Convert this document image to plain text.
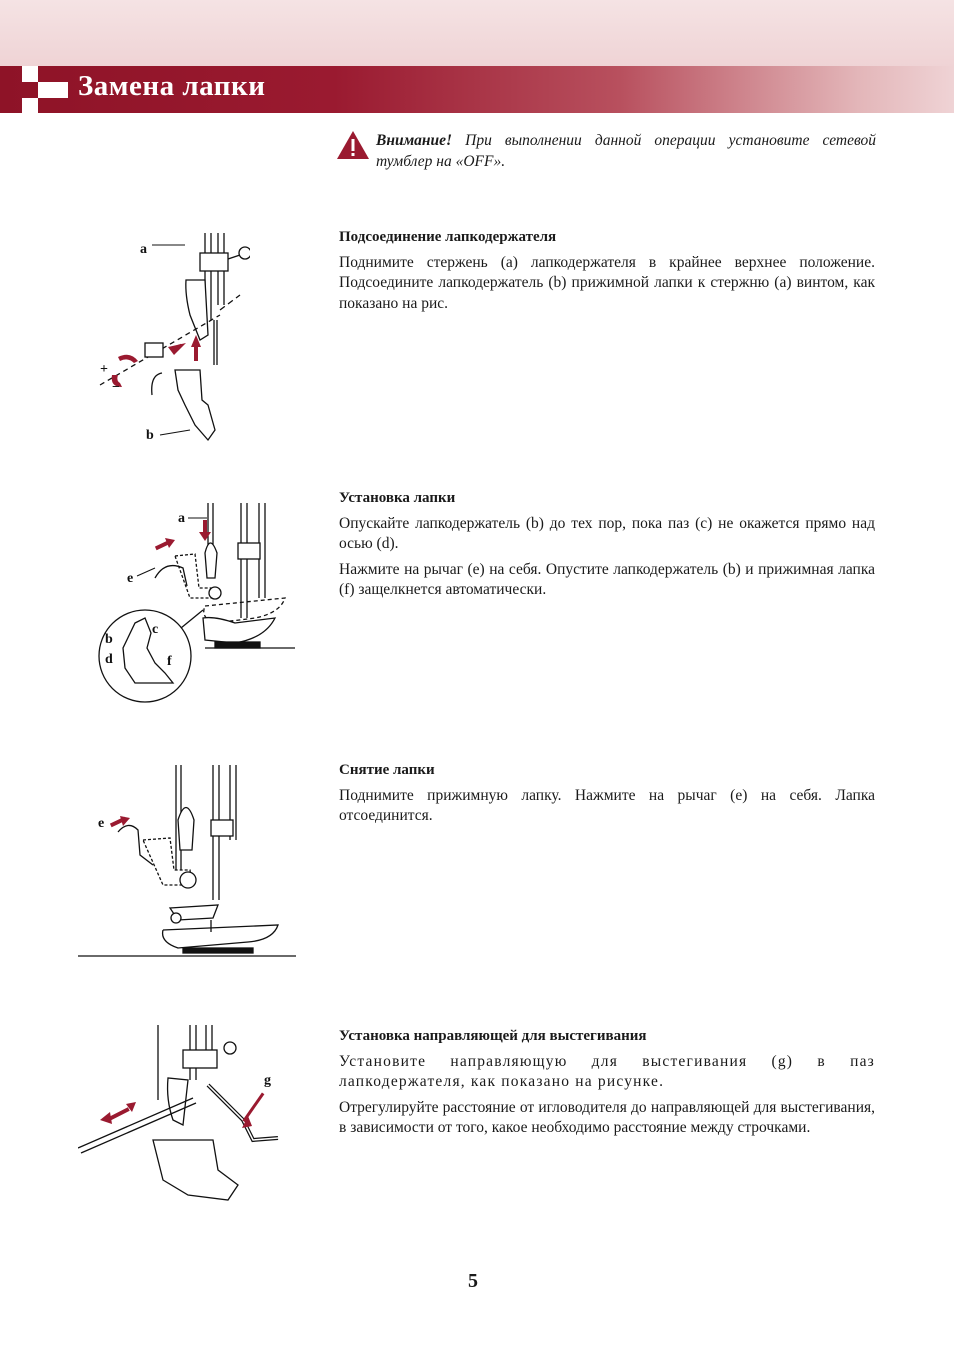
Замена лапки
Внимание! При выполнении данной операции установите сетевой тумблер на «OFF».
a
b
+
−
a
e
b
c
d	f
e
g
Подсоединение лапкодержателя

Поднимите стержень (a) лапкодержателя в крайнее верхнее положение. Подсоедините лапкодержатель (b) прижимной лапки к стержню (a) винтом, как показано на рис.

Установка лапки

Опускайте лапкодержатель (b) до тех пор, пока паз (c) не окажется прямо над осью (d).

Нажмите на рычаг (e) на себя. Опустите лапкодержатель (b) и прижимная лапка (f) защелкнется автоматически.

Снятие лапки

Поднимите прижимную лапку. Нажмите на рычаг (e) на себя. Лапка отсоединится.

Установка направляющей для выстегивания

Установите направляющую для выстегивания (g) в паз лапкодержателя, как показано на рисунке.

Отрегулируйте расстояние от игловодителя до направляющей для выстегивания, в зависимости от того, какое необходимо расстояние между строчками.

5
